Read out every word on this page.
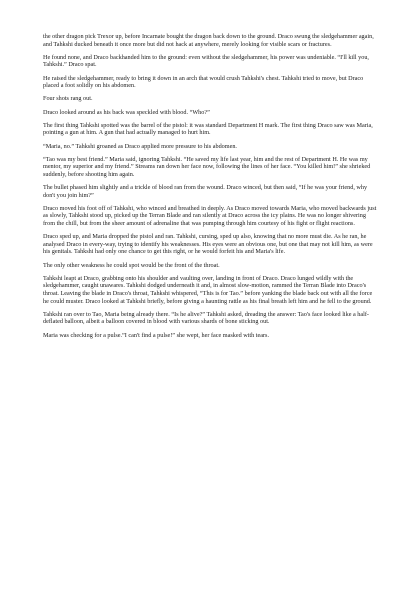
the other dragon pick Trexor up, before Incarnate bought the dragon back down to the ground. Draco swung the sledgehammer again, and Tahkshi ducked beneath it once more but did not hack at anywhere, merely looking for visible scars or fractures.

He found none, and Draco backhanded him to the ground: even without the sledgehammer, his power was undeniable. “I'll kill you, Tahkshi.” Draco spat.

He raised the sledgehammer, ready to bring it down in an arch that would crush Tahkshi's chest. Tahkshi tried to move, but Draco placed a foot solidly on his abdomen.

Four shots rang out.

Draco looked around as his back was speckled with blood. “Who?”

The first thing Tahkshi spotted was the barrel of the pistol: it was standard Department H mark. The first thing Draco saw was Maria, pointing a gun at him. A gun that had actually managed to hurt him.

“Maria, no.” Tahkshi groaned as Draco applied more pressure to his abdomen.

“Tao was my best friend.” Maria said, ignoring Tahkshi. “He saved my life last year, him and the rest of Department H. He was my mentor, my superior and my friend.” Streams ran down her face now, following the lines of her face. “You killed him!” she shrieked suddenly, before shooting him again.

The bullet phased him slightly and a trickle of blood ran from the wound. Draco winced, but then said, “If he was your friend, why don't you join him?”

Draco moved his foot off of Tahkshi, who winced and breathed in deeply. As Draco moved towards Maria, who moved backwards just as slowly, Tahkshi stood up, picked up the Terran Blade and ran silently at Draco across the icy plains. He was no longer shivering from the chill, but from the sheer amount of adrenaline that was pumping through him courtesy of his fight or flight reactions.

Draco sped up, and Maria dropped the pistol and ran. Tahkshi, cursing, sped up also, knowing that no more must die. As he ran, he analysed Draco in every-way, trying to identify his weaknesses. His eyes were an obvious one, but one that may not kill him, as were his genitals. Tahkshi had only one chance to get this right, or he would forfeit his and Maria's life.

The only other weakness he could spot would be the front of the throat.

Tahkshi leapt at Draco, grabbing onto his shoulder and vaulting over, landing in front of Draco. Draco lunged wildly with the sledgehammer, caught unawares. Tahkshi dodged underneath it and, in almost slow-motion, rammed the Terran Blade into Draco's throat. Leaving the blade in Draco's throat, Tahkshi whispered, “This is for Tao.” before yanking the blade back out with all the force he could muster. Draco looked at Tahkshi briefly, before giving a haunting rattle as his final breath left him and he fell to the ground.

Tahkshi ran over to Tao, Maria being already there. “Is he alive?” Tahkshi asked, dreading the answer: Tao's face looked like a half-deflated balloon, albeit a balloon covered in blood with various shards of bone sticking out.

Maria was checking for a pulse.”I can't find a pulse!” she wept, her face masked with tears.
